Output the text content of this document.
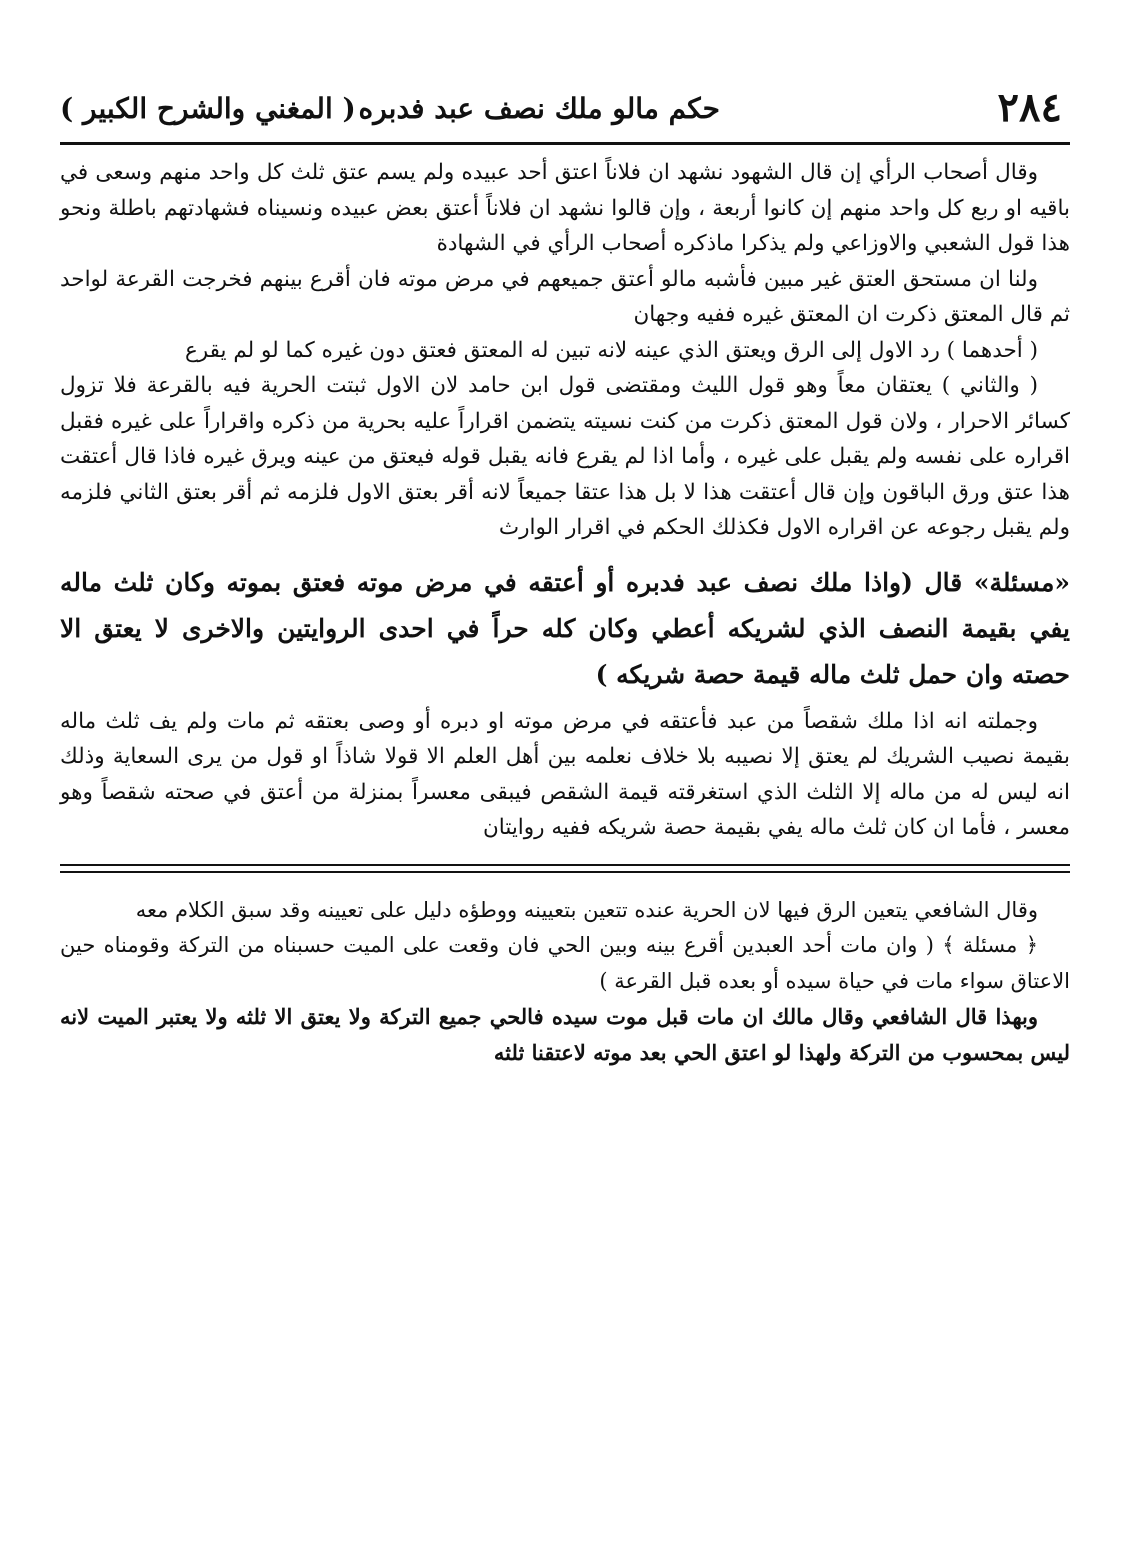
٢٨٤
حكم مالو ملك نصف عبد فدبره
( المغني والشرح الكبير )

وقال أصحاب الرأي إن قال الشهود نشهد ان فلاناً اعتق أحد عبيده ولم يسم عتق ثلث كل واحد منهم وسعى في باقيه او ربع كل واحد منهم إن كانوا أربعة ، وإن قالوا نشهد ان فلاناً أعتق بعض عبيده ونسيناه فشهادتهم باطلة ونحو هذا قول الشعبي والاوزاعي ولم يذكرا ماذكره أصحاب الرأي في الشهادة

ولنا ان مستحق العتق غير مبين فأشبه مالو أعتق جميعهم في مرض موته فان أقرع بينهم فخرجت القرعة لواحد ثم قال المعتق ذكرت ان المعتق غيره ففيه وجهان

( أحدهما ) رد الاول إلى الرق ويعتق الذي عينه لانه تبين له المعتق فعتق دون غيره كما لو لم يقرع

( والثاني ) يعتقان معاً وهو قول الليث ومقتضى قول ابن حامد لان الاول ثبتت الحرية فيه بالقرعة فلا تزول كسائر الاحرار ، ولان قول المعتق ذكرت من كنت نسيته يتضمن اقراراً عليه بحرية من ذكره واقراراً على غيره فقبل اقراره على نفسه ولم يقبل على غيره ، وأما اذا لم يقرع فانه يقبل قوله فيعتق من عينه ويرق غيره فاذا قال أعتقت هذا عتق ورق الباقون وإن قال أعتقت هذا لا بل هذا عتقا جميعاً لانه أقر بعتق الاول فلزمه ثم أقر بعتق الثاني فلزمه ولم يقبل رجوعه عن اقراره الاول فكذلك الحكم في اقرار الوارث

«مسئلة» قال (واذا ملك نصف عبد فدبره أو أعتقه في مرض موته فعتق بموته وكان ثلث ماله يفي بقيمة النصف الذي لشريكه أعطي وكان كله حراً في احدى الروايتين والاخرى لا يعتق الا حصته وان حمل ثلث ماله قيمة حصة شريكه )

وجملته انه اذا ملك شقصاً من عبد فأعتقه في مرض موته او دبره أو وصى بعتقه ثم مات ولم يف ثلث ماله بقيمة نصيب الشريك لم يعتق إلا نصيبه بلا خلاف نعلمه بين أهل العلم الا قولا شاذاً او قول من يرى السعاية وذلك انه ليس له من ماله إلا الثلث الذي استغرقته قيمة الشقص فيبقى معسراً بمنزلة من أعتق في صحته شقصاً وهو معسر ، فأما ان كان ثلث ماله يفي بقيمة حصة شريكه ففيه روايتان

وقال الشافعي يتعين الرق فيها لان الحرية عنده تتعين بتعيينه ووطؤه دليل على تعيينه وقد سبق الكلام معه

﴿ مسئلة ﴾ ( وان مات أحد العبدين أقرع بينه وبين الحي فان وقعت على الميت حسبناه من التركة وقومناه حين الاعتاق سواء مات في حياة سيده أو بعده قبل القرعة )

وبهذا قال الشافعي وقال مالك ان مات قبل موت سيده فالحي جميع التركة ولا يعتق الا ثلثه ولا يعتبر الميت لانه ليس بمحسوب من التركة ولهذا لو اعتق الحي بعد موته لاعتقنا ثلثه
